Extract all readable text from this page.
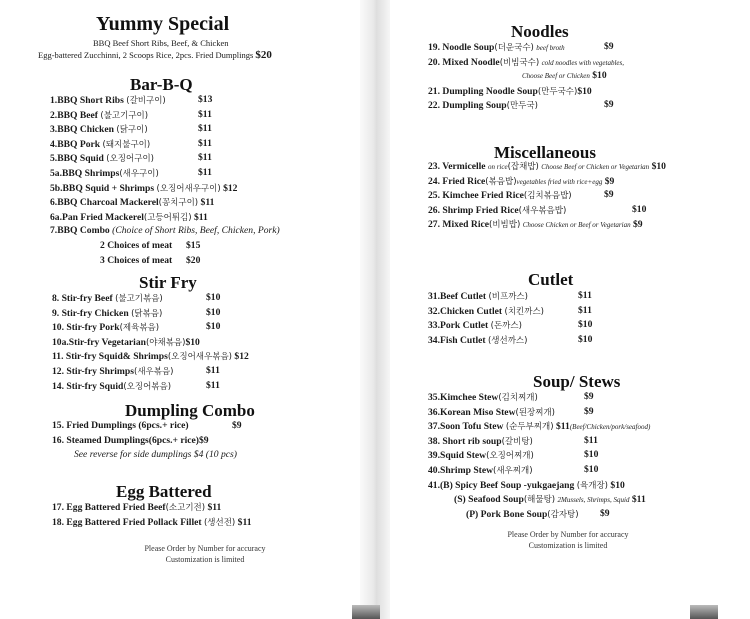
Yummy Special
BBQ Beef Short Ribs, Beef, & Chicken
Egg-battered Zucchinni, 2 Scoops Rice, 2pcs. Fried Dumplings $20
Bar-B-Q
1.BBQ Short Ribs (갈비구이)	$13
2.BBQ Beef (불고기구이)	$11
3.BBQ Chicken (닭구이)	$11
4.BBQ Pork (돼지불구이)	$11
5.BBQ Squid (오징어구이)	$11
5a.BBQ Shrimps(새우구이)	$11
5b.BBQ Squid + Shrimps (오징어새우구이) $12
6.BBQ Charcoal Mackerel(꽁치구이) $11
6a.Pan Fried Mackerel(고등어튀김) $11
7.BBQ Combo (Choice of Short Ribs, Beef, Chicken, Pork)
2 Choices of meat $15
3 Choices of meat $20
Stir Fry
8. Stir-fry Beef (불고기볶음)	$10
9. Stir-fry Chicken (닭볶음)	$10
10. Stir-fry Pork(제육볶음)	$10
10a.Stir-fry Vegetarian(야채볶음)$10
11. Stir-fry Squid& Shrimps(오징어새우볶음) $12
12. Stir-fry Shrimps(새우볶음)	$11
14. Stir-fry Squid(오징어볶음)	$11
Dumpling Combo
15. Fried Dumplings (6pcs.+ rice)	$9
16. Steamed Dumplings(6pcs.+ rice)$9
See reverse for side dumplings $4 (10 pcs)
Egg Battered
17. Egg Battered Fried Beef(소고기전) $11
18. Egg Battered Fried Pollack Fillet (생선전) $11
Please Order by Number for accuracy
Customization is limited
Noodles
19. Noodle Soup(더운국수) beef broth	$9
20. Mixed Noodle(비빔국수) cold noodles with vegetables,
Choose Beef or Chicken $10
21. Dumpling Noodle Soup(만두국수)$10
22. Dumpling Soup(만두국)	$9
Miscellaneous
23. Vermicelle on rice(잡채밥) Choose Beef or Chicken or Vegetarian $10
24. Fried Rice(볶음밥)vegetables fried with rice+egg $9
25. Kimchee Fried Rice(김치볶음밥)	$9
26. Shrimp Fried Rice(새우볶음밥)	$10
27. Mixed Rice(비빔밥) Choose Chicken or Beef or Vegetarian $9
Cutlet
31.Beef Cutlet (비프까스)	$11
32.Chicken Cutlet (치킨까스)	$11
33.Pork Cutlet (돈까스)	$10
34.Fish Cutlet (생선까스)	$10
Soup/ Stews
35.Kimchee Stew(김치찌개)	$9
36.Korean Miso Stew(된장찌개)	$9
37.Soon Tofu Stew (순두부찌개) $11(Beef/Chicken/pork/seafood)
38. Short rib soup(갈비탕)	$11
39.Squid Stew(오징어찌개)	$10
40.Shrimp Stew(새우찌개)	$10
41.(B) Spicy Beef Soup -yukgaejang (육개장) $10
(S) Seafood Soup(해물탕) 2Mussels, Shrimps, Squid $11
(P) Pork Bone Soup(감자탕) $9
Please Order by Number for accuracy
Customization is limited
